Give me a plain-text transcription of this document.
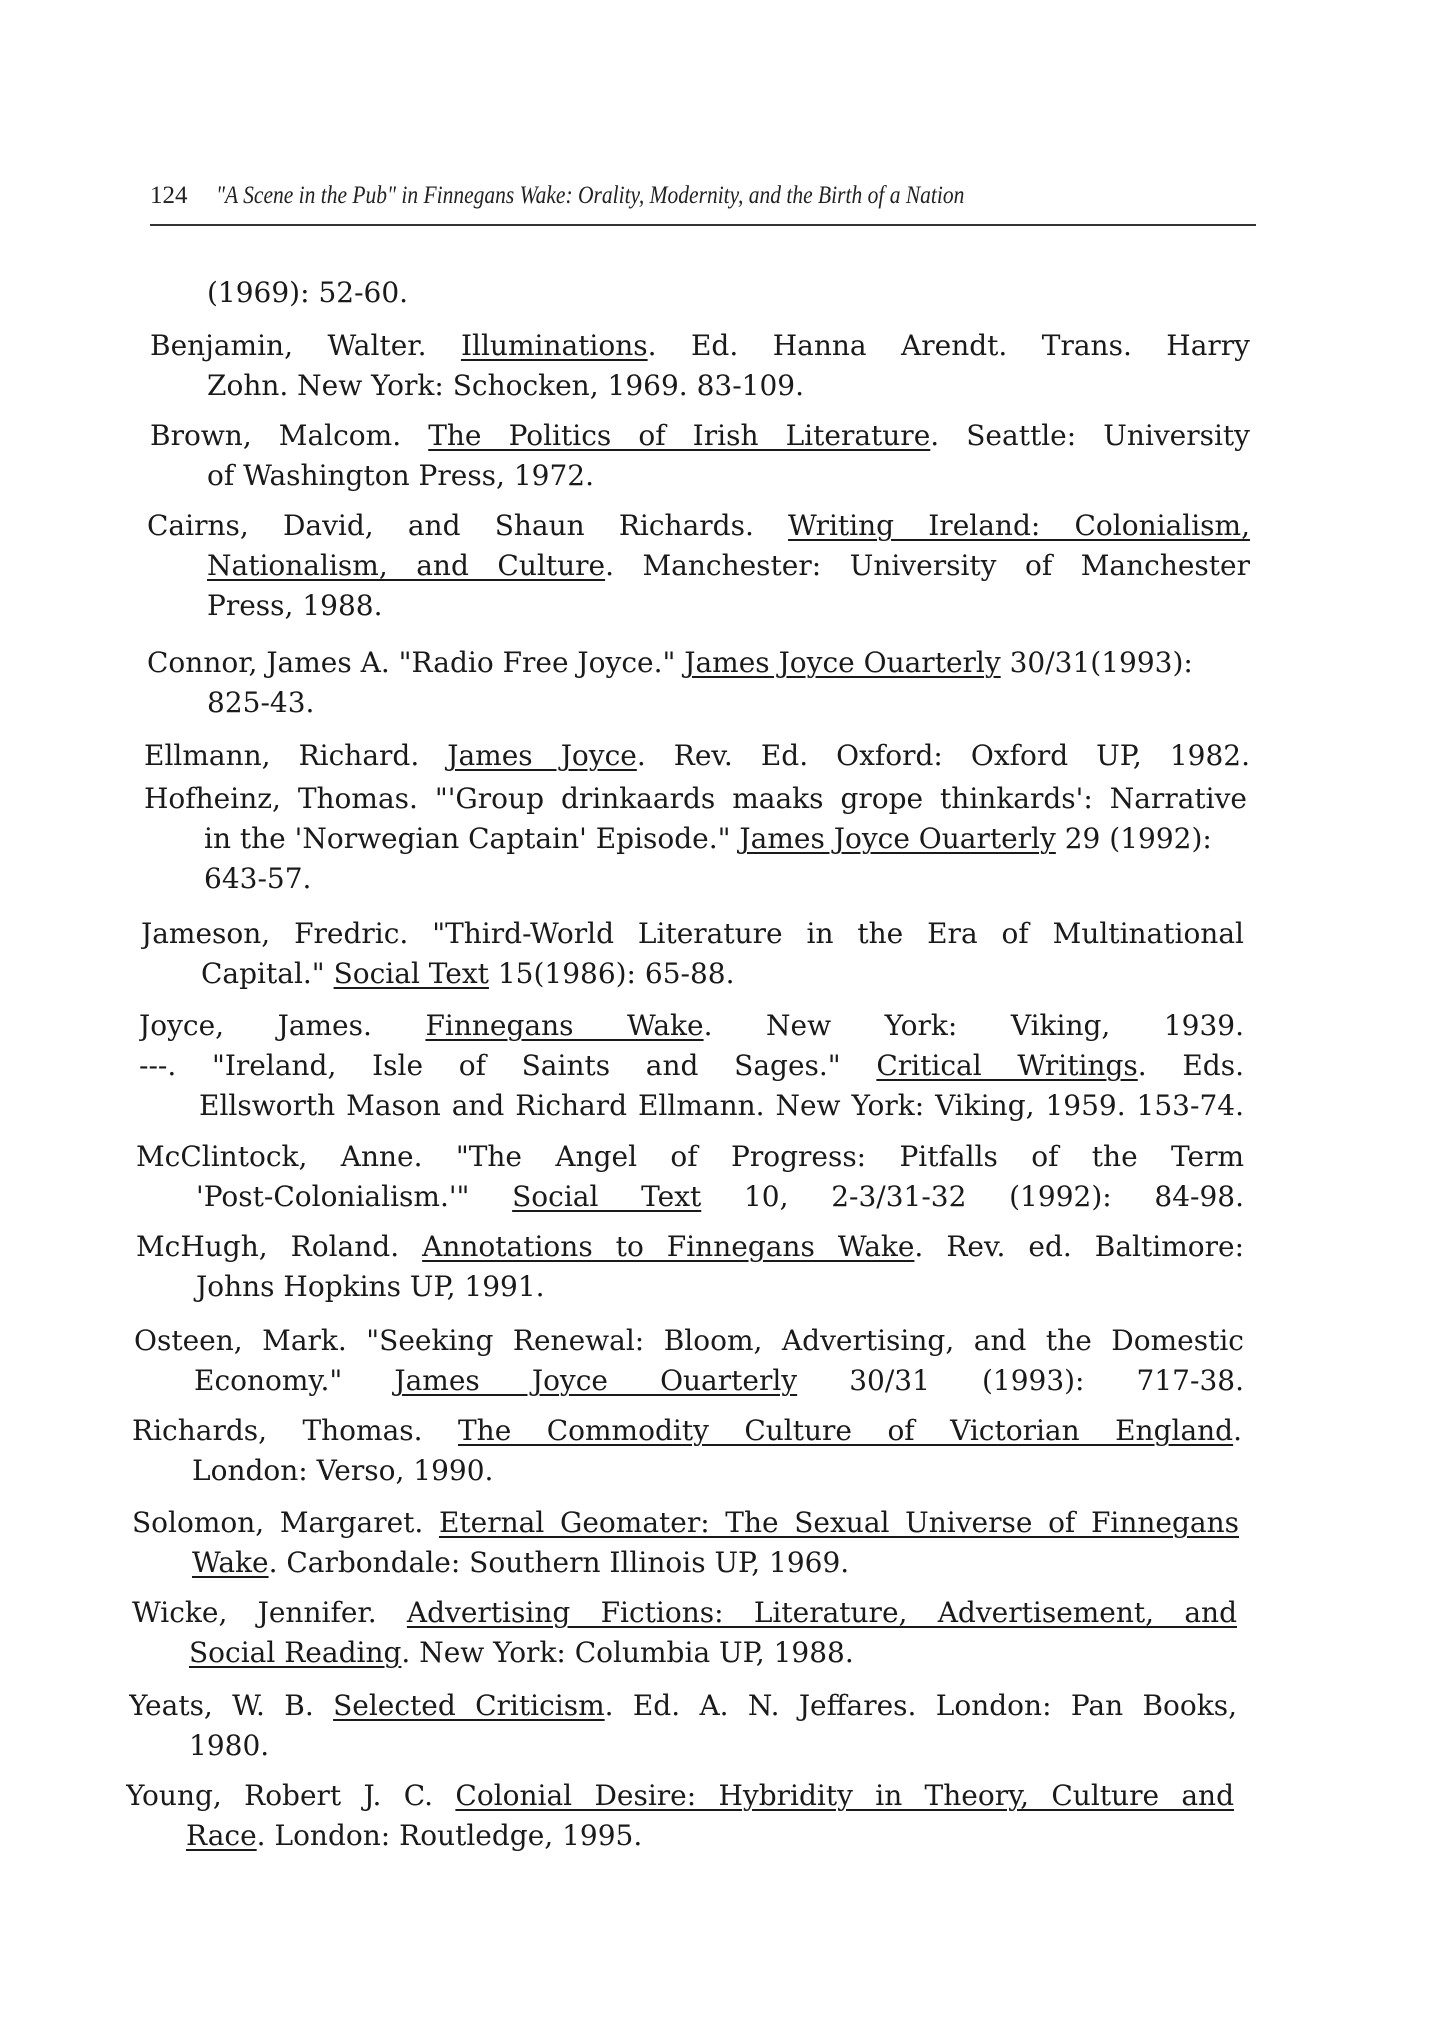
124 "A Scene in the Pub" in Finnegans Wake: Orality, Modernity, and the Birth of a Nation
(1969): 52-60.
Benjamin, Walter. Illuminations. Ed. Hanna Arendt. Trans. Harry
Zohn. New York: Schocken, 1969. 83-109.
Brown, Malcom. The Politics of Irish Literature. Seattle: University
of Washington Press, 1972.
Cairns, David, and Shaun Richards. Writing Ireland: Colonialism,
Nationalism, and Culture. Manchester: University of Manchester
Press, 1988.
Connor, James A. "Radio Free Joyce." James Joyce Ouarterly 30/31(1993):
825-43.
Ellmann, Richard. James Joyce. Rev. Ed. Oxford: Oxford UP, 1982.
Hofheinz, Thomas. "'Group drinkaards maaks grope thinkards': Narrative
in the 'Norwegian Captain' Episode." James Joyce Ouarterly 29 (1992):
643-57.
Jameson, Fredric. "Third-World Literature in the Era of Multinational
Capital." Social Text 15(1986): 65-88.
Joyce, James. Finnegans Wake. New York: Viking, 1939.
---. "Ireland, Isle of Saints and Sages." Critical Writings. Eds.
Ellsworth Mason and Richard Ellmann. New York: Viking, 1959. 153-74.
McClintock, Anne. "The Angel of Progress: Pitfalls of the Term
'Post-Colonialism.'" Social Text 10, 2-3/31-32 (1992): 84-98.
McHugh, Roland. Annotations to Finnegans Wake. Rev. ed. Baltimore:
Johns Hopkins UP, 1991.
Osteen, Mark. "Seeking Renewal: Bloom, Advertising, and the Domestic
Economy." James Joyce Ouarterly 30/31 (1993): 717-38.
Richards, Thomas. The Commodity Culture of Victorian England.
London: Verso, 1990.
Solomon, Margaret. Eternal Geomater: The Sexual Universe of Finnegans
Wake. Carbondale: Southern Illinois UP, 1969.
Wicke, Jennifer. Advertising Fictions: Literature, Advertisement, and
Social Reading. New York: Columbia UP, 1988.
Yeats, W. B. Selected Criticism. Ed. A. N. Jeffares. London: Pan Books,
1980.
Young, Robert J. C. Colonial Desire: Hybridity in Theory, Culture and
Race. London: Routledge, 1995.
